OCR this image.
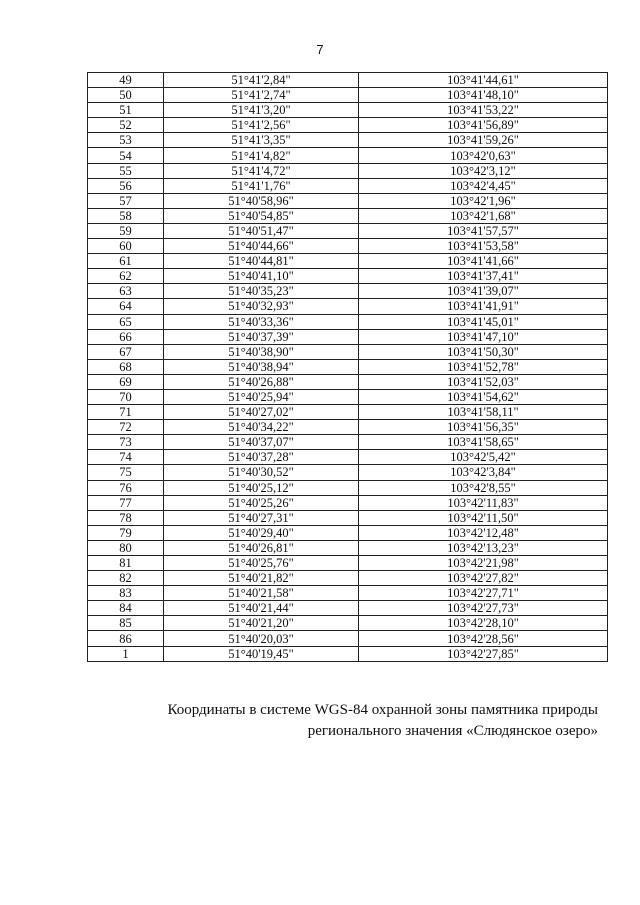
7
49	51°41'2,84"	103°41'44,61"
50	51°41'2,74"	103°41'48,10"
51	51°41'3,20"	103°41'53,22"
52	51°41'2,56"	103°41'56,89"
53	51°41'3,35"	103°41'59,26"
54	51°41'4,82"	103°42'0,63"
55	51°41'4,72"	103°42'3,12"
56	51°41'1,76"	103°42'4,45"
57	51°40'58,96"	103°42'1,96"
58	51°40'54,85"	103°42'1,68"
59	51°40'51,47"	103°41'57,57"
60	51°40'44,66"	103°41'53,58"
61	51°40'44,81"	103°41'41,66"
62	51°40'41,10"	103°41'37,41"
63	51°40'35,23"	103°41'39,07"
64	51°40'32,93"	103°41'41,91"
65	51°40'33,36"	103°41'45,01"
66	51°40'37,39"	103°41'47,10"
67	51°40'38,90"	103°41'50,30"
68	51°40'38,94"	103°41'52,78"
69	51°40'26,88"	103°41'52,03"
70	51°40'25,94"	103°41'54,62"
71	51°40'27,02"	103°41'58,11"
72	51°40'34,22"	103°41'56,35"
73	51°40'37,07"	103°41'58,65"
74	51°40'37,28"	103°42'5,42"
75	51°40'30,52"	103°42'3,84"
76	51°40'25,12"	103°42'8,55"
77	51°40'25,26"	103°42'11,83"
78	51°40'27,31"	103°42'11,50"
79	51°40'29,40"	103°42'12,48"
80	51°40'26,81"	103°42'13,23"
81	51°40'25,76"	103°42'21,98"
82	51°40'21,82"	103°42'27,82"
83	51°40'21,58"	103°42'27,71"
84	51°40'21,44"	103°42'27,73"
85	51°40'21,20"	103°42'28,10"
86	51°40'20,03"	103°42'28,56"
1	51°40'19,45"	103°42'27,85"
Координаты в системе WGS-84 охранной зоны памятника природы
регионального значения «Слюдянское озеро»
